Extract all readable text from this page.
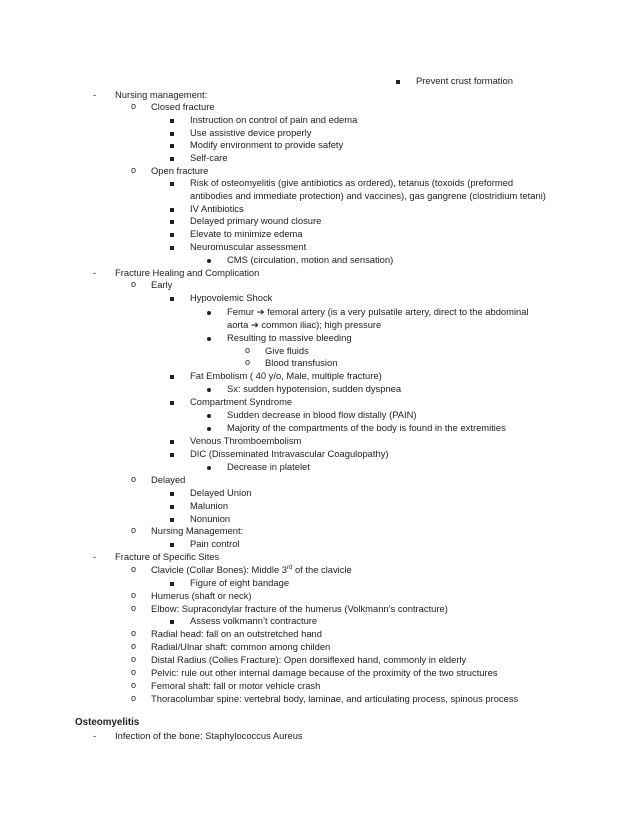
Prevent crust formation
- Nursing management:
o Closed fracture
Instruction on control of pain and edema
Use assistive device properly
Modify environment to provide safety
Self-care
o Open fracture
Risk of osteomyelitis (give antibiotics as ordered), tetanus (toxoids (preformed
antibodies and immediate protection) and vaccines), gas gangrene (clostridium tetani)
IV Antibiotics
Delayed primary wound closure
Elevate to minimize edema
Neuromuscular assessment
CMS (circulation, motion and sensation)
- Fracture Healing and Complication
o Early
Hypovolemic Shock
Femur ➔ femoral artery (is a very pulsatile artery, direct to the abdominal
aorta ➔ common iliac); high pressure
Resulting to massive bleeding
o Give fluids
o Blood transfusion
Fat Embolism ( 40 y/o, Male, multiple fracture)
Sx: sudden hypotension, sudden dyspnea
Compartment Syndrome
Sudden decrease in blood flow distally (PAIN)
Majority of the compartments of the body is found in the extremities
Venous Thromboembolism
DIC (Disseminated Intravascular Coagulopathy)
Decrease in platelet
o Delayed
Delayed Union
Malunion
Nonunion
o Nursing Management:
Pain control
- Fracture of Specific Sites
o Clavicle (Collar Bones): Middle 3rd of the clavicle
Figure of eight bandage
o Humerus (shaft or neck)
o Elbow: Supracondylar fracture of the humerus (Volkmann’s contracture)
Assess volkmann’t contracture
o Radial head: fall on an outstretched hand
o Radial/Ulnar shaft: common among childen
o Distal Radius (Colles Fracture): Open dorsiflexed hand, commonly in elderly
o Pelvic: rule out other internal damage because of the proximity of the two structures
o Femoral shaft: fall or motor vehicle crash
o Thoracolumbar spine: vertebral body, laminae, and articulating process, spinous process
Osteomyelitis
- Infection of the bone; Staphylococcus Aureus
